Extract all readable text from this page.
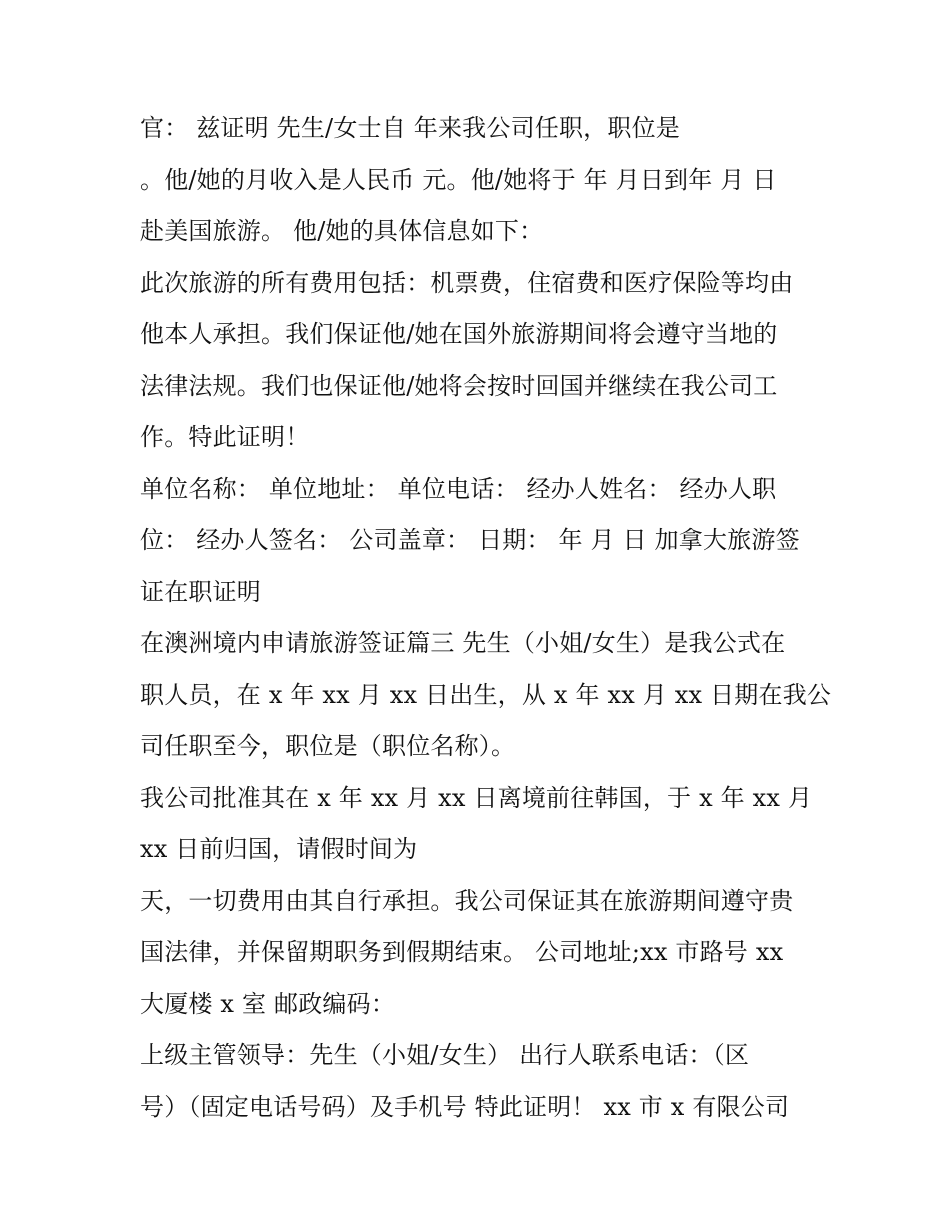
官： 兹证明 先生/女士自 年来我公司任职，职位是
。他/她的月收入是人民币 元。他/她将于 年 月日到年 月 日
赴美国旅游。 他/她的具体信息如下：
此次旅游的所有费用包括：机票费，住宿费和医疗保险等均由
他本人承担。我们保证他/她在国外旅游期间将会遵守当地的
法律法规。我们也保证他/她将会按时回国并继续在我公司工
作。特此证明！
单位名称： 单位地址： 单位电话： 经办人姓名： 经办人职
位： 经办人签名： 公司盖章： 日期： 年 月 日 加拿大旅游签
证在职证明
在澳洲境内申请旅游签证篇三 先生（小姐/女生）是我公式在
职人员，在 x 年 xx 月 xx 日出生，从 x 年 xx 月 xx 日期在我公
司任职至今，职位是（职位名称）。
我公司批准其在 x 年 xx 月 xx 日离境前往韩国，于 x 年 xx 月
xx 日前归国，请假时间为
天，一切费用由其自行承担。我公司保证其在旅游期间遵守贵
国法律，并保留期职务到假期结束。 公司地址;xx 市路号 xx
大厦楼 x 室 邮政编码：
上级主管领导：先生（小姐/女生） 出行人联系电话：（区
号）（固定电话号码）及手机号 特此证明！ xx 市 x 有限公司
